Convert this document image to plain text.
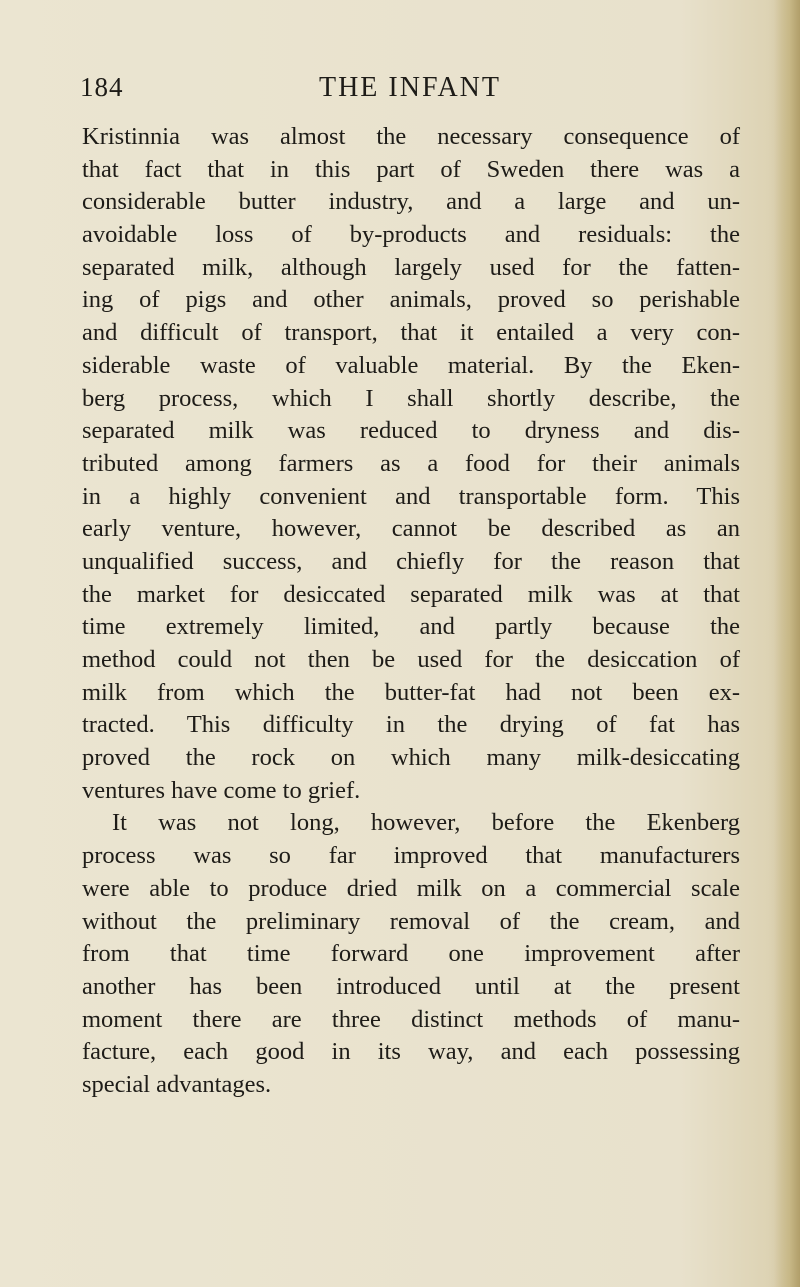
184	THE INFANT
Kristinnia was almost the necessary consequence of
that fact that in this part of Sweden there was a
considerable butter industry, and a large and un-
avoidable loss of by-products and residuals: the
separated milk, although largely used for the fatten-
ing of pigs and other animals, proved so perishable
and difficult of transport, that it entailed a very con-
siderable waste of valuable material. By the Eken-
berg process, which I shall shortly describe, the
separated milk was reduced to dryness and dis-
tributed among farmers as a food for their animals
in a highly convenient and transportable form. This
early venture, however, cannot be described as an
unqualified success, and chiefly for the reason that
the market for desiccated separated milk was at that
time extremely limited, and partly because the
method could not then be used for the desiccation of
milk from which the butter-fat had not been ex-
tracted. This difficulty in the drying of fat has
proved the rock on which many milk-desiccating
ventures have come to grief.
It was not long, however, before the Ekenberg
process was so far improved that manufacturers
were able to produce dried milk on a commercial scale
without the preliminary removal of the cream, and
from that time forward one improvement after
another has been introduced until at the present
moment there are three distinct methods of manu-
facture, each good in its way, and each possessing
special advantages.
